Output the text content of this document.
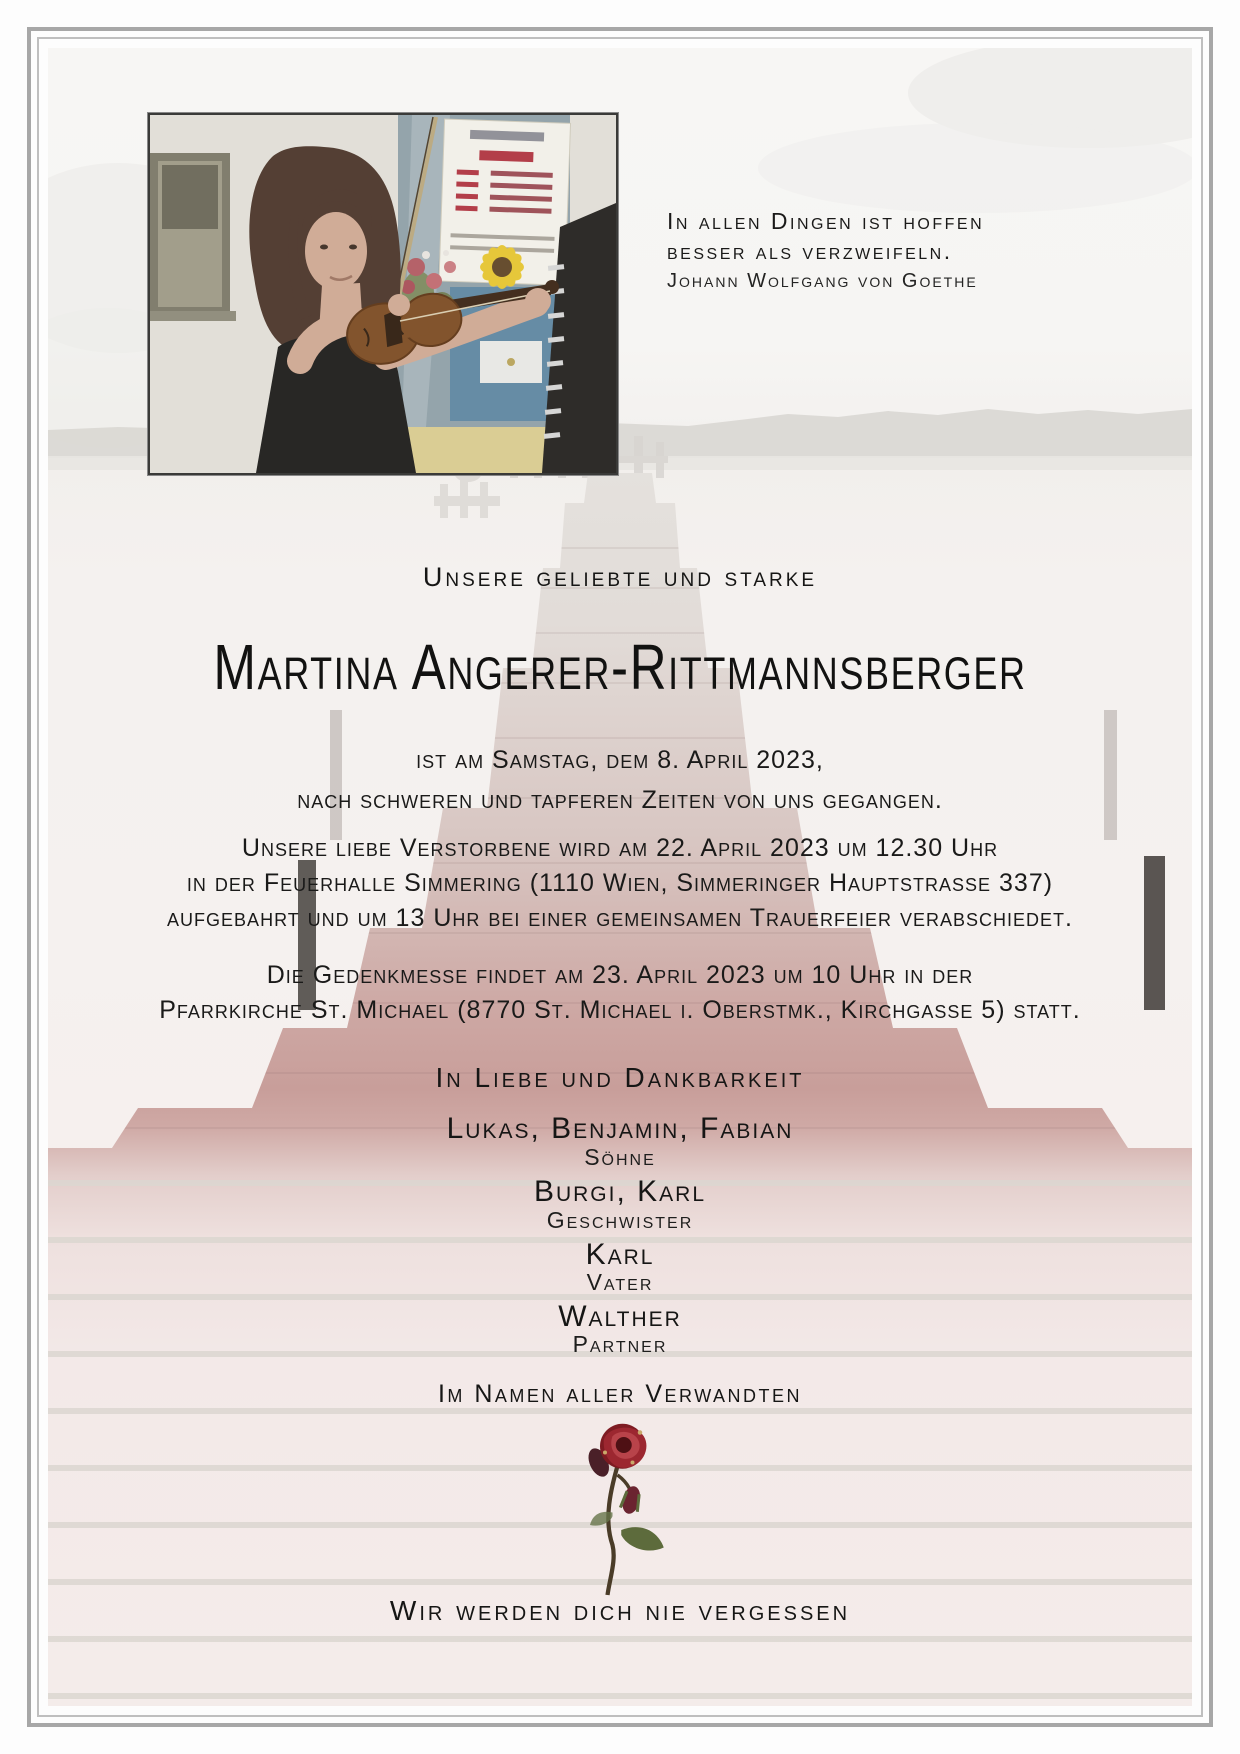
In allen Dingen ist hoffen
besser als verzweifeln.
Johann Wolfgang von Goethe
Unsere geliebte und starke
Martina Angerer-Rittmannsberger
ist am Samstag, dem 8. April 2023,
nach schweren und tapferen Zeiten von uns gegangen.
Unsere liebe Verstorbene wird am 22. April 2023 um 12.30 Uhr
in der Feuerhalle Simmering (1110 Wien, Simmeringer Hauptstrasse 337)
aufgebahrt und um 13 Uhr bei einer gemeinsamen Trauerfeier verabschiedet.
Die Gedenkmesse findet am 23. April 2023 um 10 Uhr in der
Pfarrkirche St. Michael (8770 St. Michael i. Oberstmk., Kirchgasse 5) statt.
In Liebe und Dankbarkeit
Lukas, Benjamin, Fabian
Söhne
Burgi, Karl
Geschwister
Karl
Vater
Walther
Partner
Im Namen aller Verwandten
Wir werden dich nie vergessen
